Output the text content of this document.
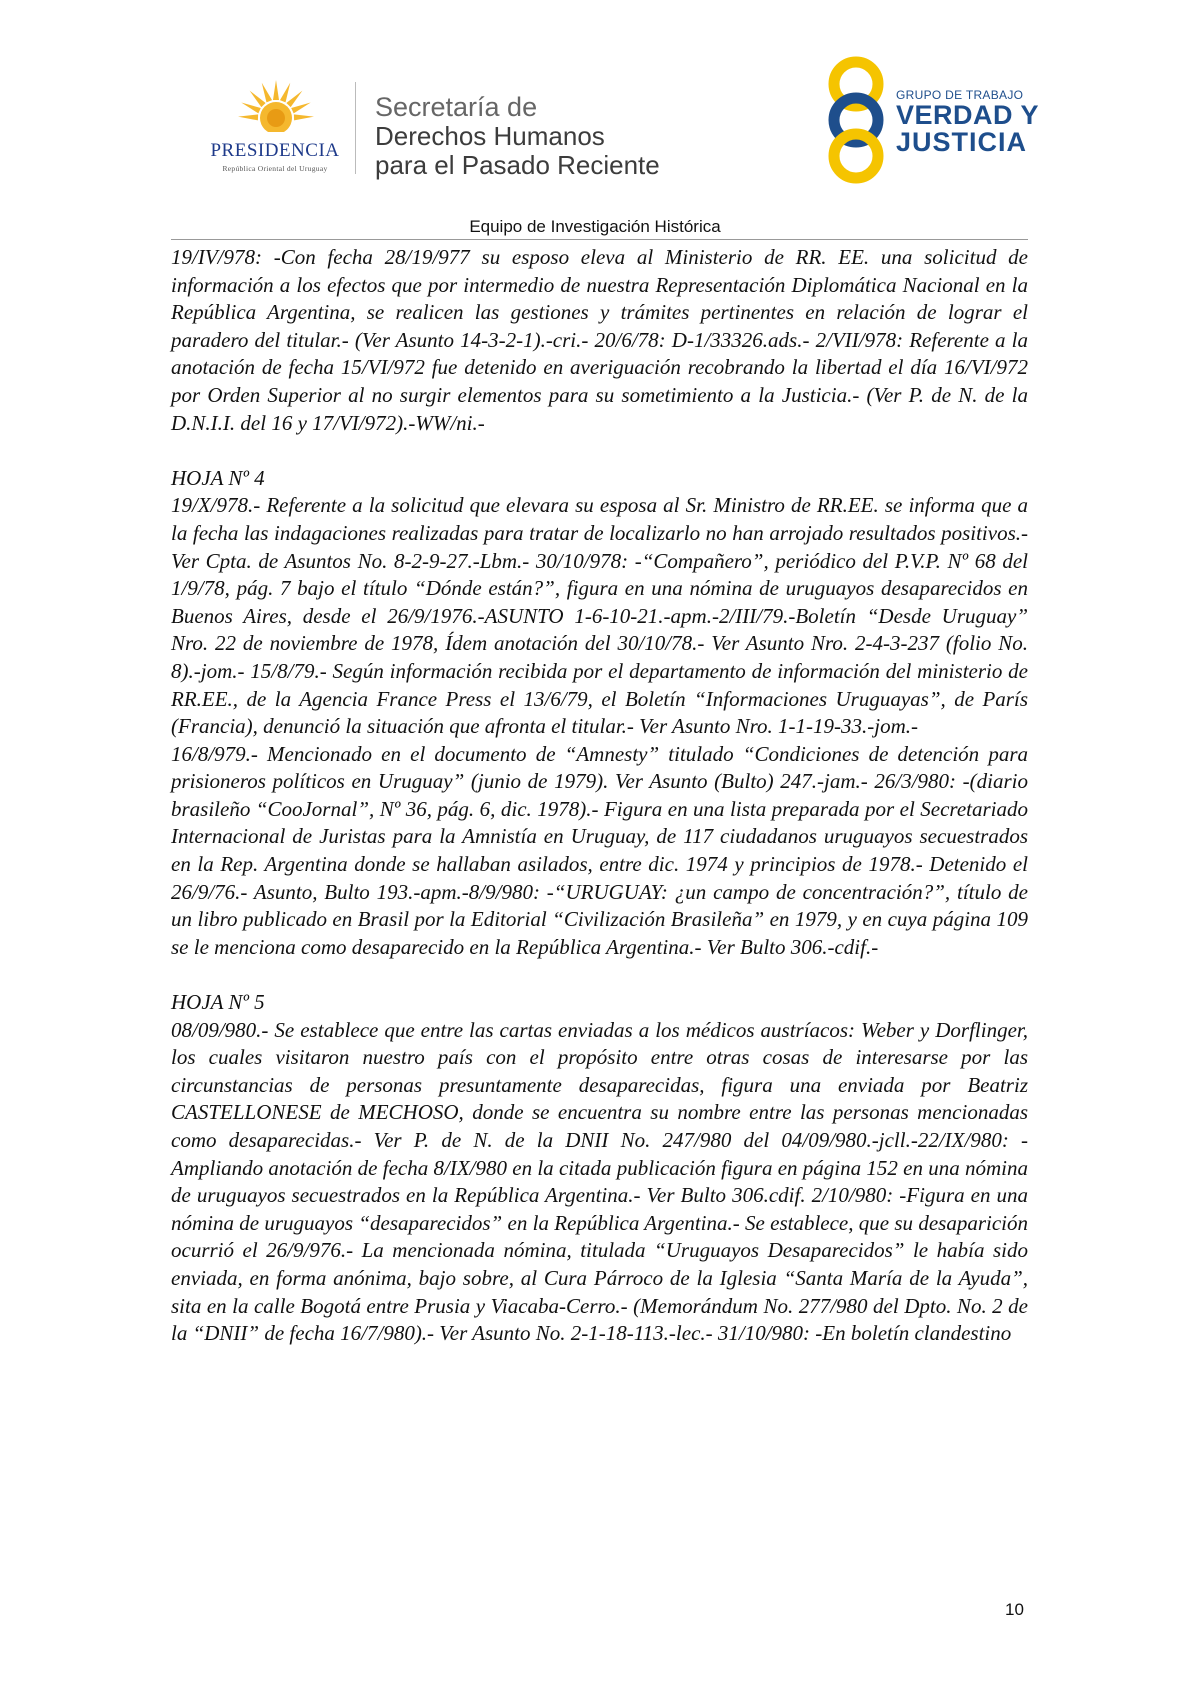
PRESIDENCIA
República Oriental del Uruguay
Secretaría de
Derechos Humanos
para el Pasado Reciente
GRUPO DE TRABAJO
VERDAD Y
JUSTICIA
Equipo de Investigación Histórica

19/IV/978: -Con fecha 28/19/977 su esposo eleva al Ministerio de RR. EE. una solicitud de información a los efectos que por intermedio de nuestra Representación Diplomática Nacional en la República Argentina, se realicen las gestiones y trámites pertinentes en relación de lograr el paradero del titular.- (Ver Asunto 14-3-2-1).-cri.- 20/6/78: D-1/33326.ads.- 2/VII/978: Referente a la anotación de fecha 15/VI/972 fue detenido en averiguación recobrando la libertad el día 16/VI/972 por Orden Superior al no surgir elementos para su sometimiento a la Justicia.- (Ver P. de N. de la D.N.I.I. del 16 y 17/VI/972).-WW/ni.-

HOJA Nº 4

19/X/978.- Referente a la solicitud que elevara su esposa al Sr. Ministro de RR.EE. se informa que a la fecha las indagaciones realizadas para tratar de localizarlo no han arrojado resultados positivos.- Ver Cpta. de Asuntos No. 8-2-9-27.-Lbm.- 30/10/978: -“Compañero”, periódico del P.V.P. Nº 68 del 1/9/78, pág. 7 bajo el título “Dónde están?”, figura en una nómina de uruguayos desaparecidos en Buenos Aires, desde el 26/9/1976.-ASUNTO 1-6-10-21.-apm.-2/III/79.-Boletín “Desde Uruguay” Nro. 22 de noviembre de 1978, Ídem anotación del 30/10/78.- Ver Asunto Nro. 2-4-3-237 (folio No. 8).-jom.- 15/8/79.- Según información recibida por el departamento de información del ministerio de RR.EE., de la Agencia France Press el 13/6/79, el Boletín “Informaciones Uruguayas”, de París (Francia), denunció la situación que afronta el titular.- Ver Asunto Nro. 1-1-19-33.-jom.-

16/8/979.- Mencionado en el documento de “Amnesty” titulado “Condiciones de detención para prisioneros políticos en Uruguay” (junio de 1979). Ver Asunto (Bulto) 247.-jam.- 26/3/980: -(diario brasileño “CooJornal”, Nº 36, pág. 6, dic. 1978).- Figura en una lista preparada por el Secretariado Internacional de Juristas para la Amnistía en Uruguay, de 117 ciudadanos uruguayos secuestrados en la Rep. Argentina donde se hallaban asilados, entre dic. 1974 y principios de 1978.- Detenido el 26/9/76.- Asunto, Bulto 193.-apm.-8/9/980: -“URUGUAY: ¿un campo de concentración?”, título de un libro publicado en Brasil por la Editorial “Civilización Brasileña” en 1979, y en cuya página 109 se le menciona como desaparecido en la República Argentina.- Ver Bulto 306.-cdif.-

HOJA Nº 5

08/09/980.- Se establece que entre las cartas enviadas a los médicos austríacos: Weber y Dorflinger, los cuales visitaron nuestro país con el propósito entre otras cosas de interesarse por las circunstancias de personas presuntamente desaparecidas, figura una enviada por Beatriz CASTELLONESE de MECHOSO, donde se encuentra su nombre entre las personas mencionadas como desaparecidas.- Ver P. de N. de la DNII No. 247/980 del 04/09/980.-jcll.-22/IX/980: -Ampliando anotación de fecha 8/IX/980 en la citada publicación figura en página 152 en una nómina de uruguayos secuestrados en la República Argentina.- Ver Bulto 306.cdif. 2/10/980: -Figura en una nómina de uruguayos “desaparecidos” en la República Argentina.- Se establece, que su desaparición ocurrió el 26/9/976.- La mencionada nómina, titulada “Uruguayos Desaparecidos” le había sido enviada, en forma anónima, bajo sobre, al Cura Párroco de la Iglesia “Santa María de la Ayuda”, sita en la calle Bogotá entre Prusia y Viacaba-Cerro.- (Memorándum No. 277/980 del Dpto. No. 2 de la “DNII” de fecha 16/7/980).- Ver Asunto No. 2-1-18-113.-lec.- 31/10/980: -En boletín clandestino

10
